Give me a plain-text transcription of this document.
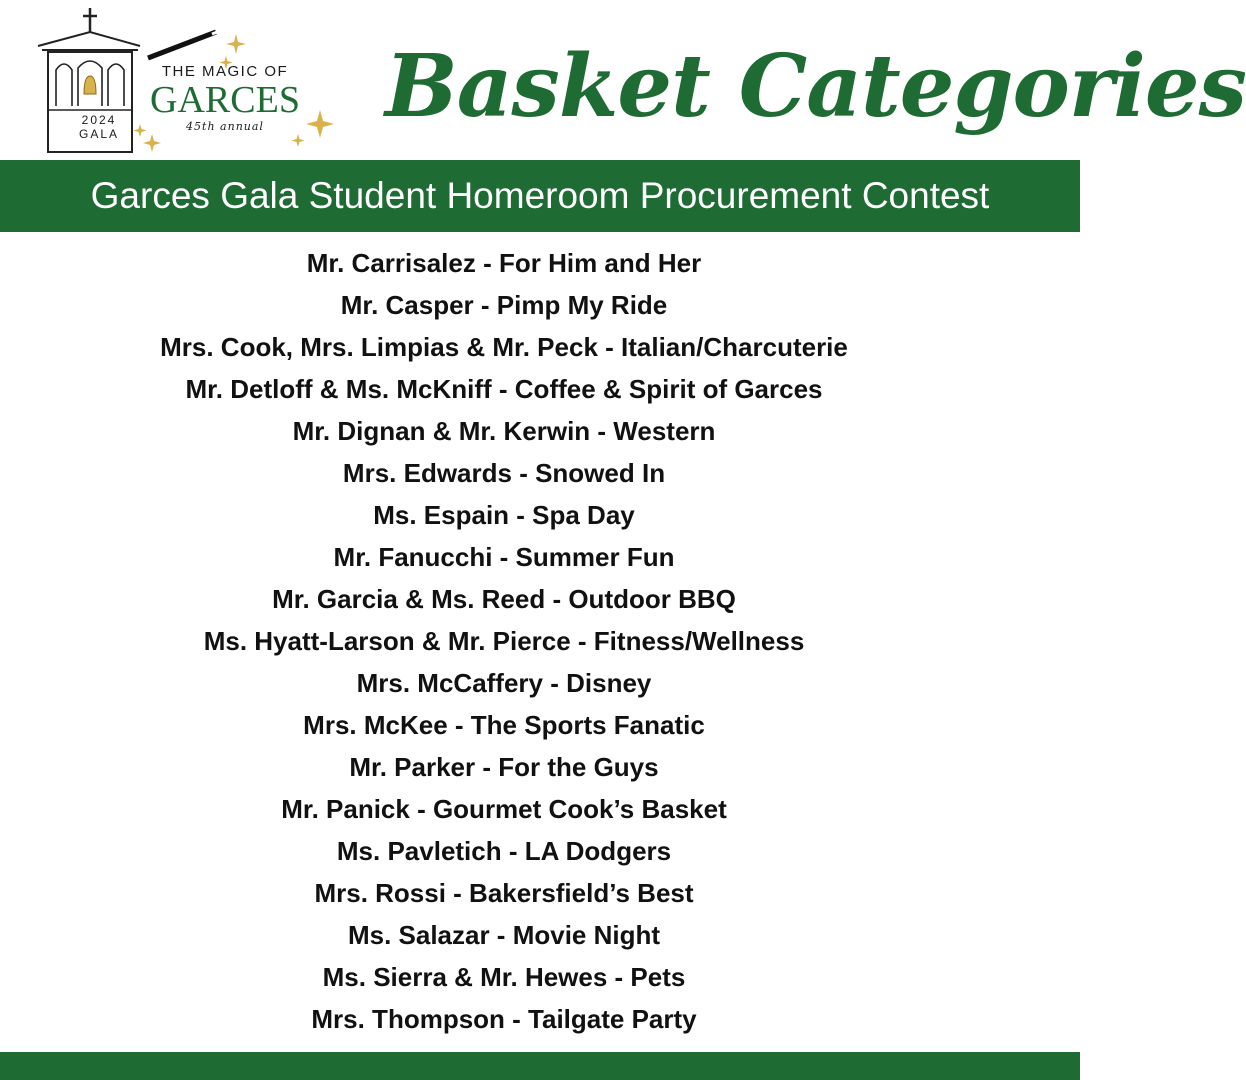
2024
GALA
THE MAGIC OF
GARCES
45th annual	Basket Categories
Garces Gala Student Homeroom Procurement Contest
Mr. Carrisalez - For Him and Her
Mr. Casper - Pimp My Ride
Mrs. Cook, Mrs. Limpias & Mr. Peck - Italian/Charcuterie
Mr. Detloff & Ms. McKniff - Coffee & Spirit of Garces
Mr. Dignan & Mr. Kerwin - Western
Mrs. Edwards - Snowed In
Ms. Espain - Spa Day
Mr. Fanucchi - Summer Fun
Mr. Garcia & Ms. Reed - Outdoor BBQ
Ms. Hyatt-Larson & Mr. Pierce - Fitness/Wellness
Mrs. McCaffery - Disney
Mrs. McKee - The Sports Fanatic
Mr. Parker - For the Guys
Mr. Panick - Gourmet Cook’s Basket
Ms. Pavletich - LA Dodgers
Mrs. Rossi - Bakersfield’s Best
Ms. Salazar - Movie Night
Ms. Sierra & Mr. Hewes - Pets
Mrs. Thompson - Tailgate Party
